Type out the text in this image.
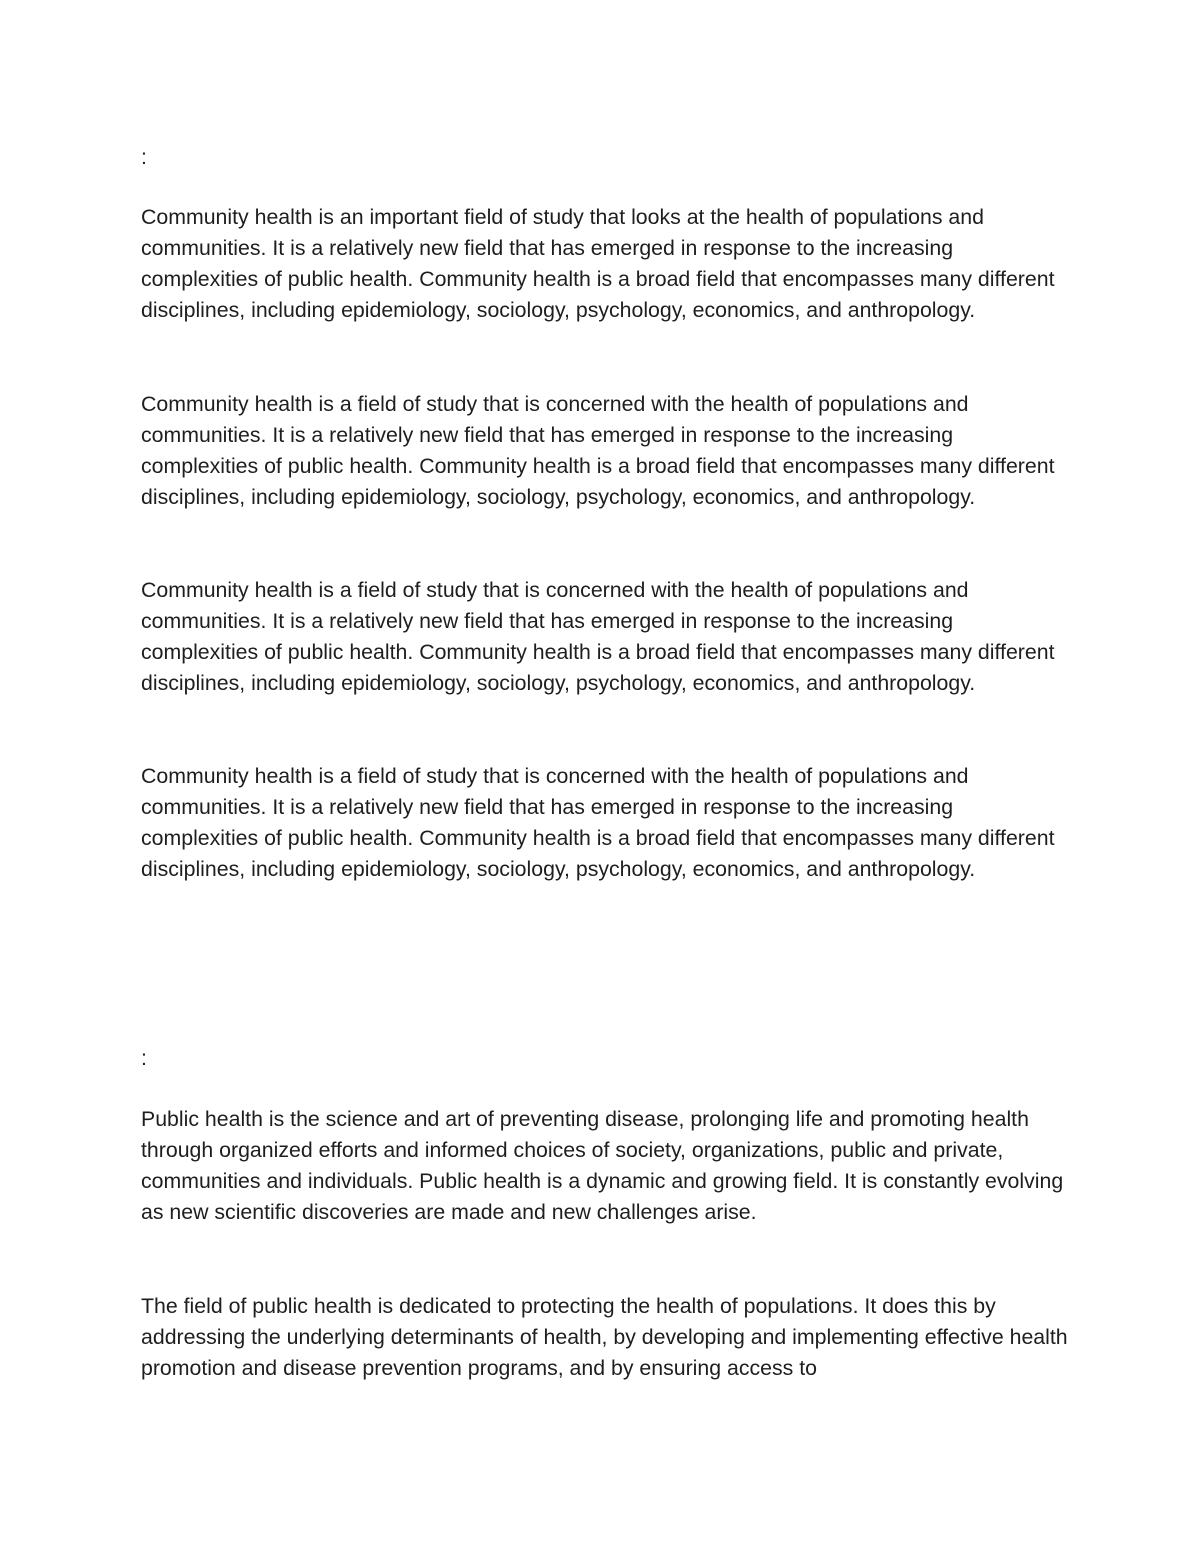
:

Community health is an important field of study that looks at the health of populations and communities. It is a relatively new field that has emerged in response to the increasing complexities of public health. Community health is a broad field that encompasses many different disciplines, including epidemiology, sociology, psychology, economics, and anthropology.

Community health is a field of study that is concerned with the health of populations and communities. It is a relatively new field that has emerged in response to the increasing complexities of public health. Community health is a broad field that encompasses many different disciplines, including epidemiology, sociology, psychology, economics, and anthropology.

Community health is a field of study that is concerned with the health of populations and communities. It is a relatively new field that has emerged in response to the increasing complexities of public health. Community health is a broad field that encompasses many different disciplines, including epidemiology, sociology, psychology, economics, and anthropology.

Community health is a field of study that is concerned with the health of populations and communities. It is a relatively new field that has emerged in response to the increasing complexities of public health. Community health is a broad field that encompasses many different disciplines, including epidemiology, sociology, psychology, economics, and anthropology.

:

Public health is the science and art of preventing disease, prolonging life and promoting health through organized efforts and informed choices of society, organizations, public and private, communities and individuals. Public health is a dynamic and growing field. It is constantly evolving as new scientific discoveries are made and new challenges arise.

The field of public health is dedicated to protecting the health of populations. It does this by addressing the underlying determinants of health, by developing and implementing effective health promotion and disease prevention programs, and by ensuring access to
